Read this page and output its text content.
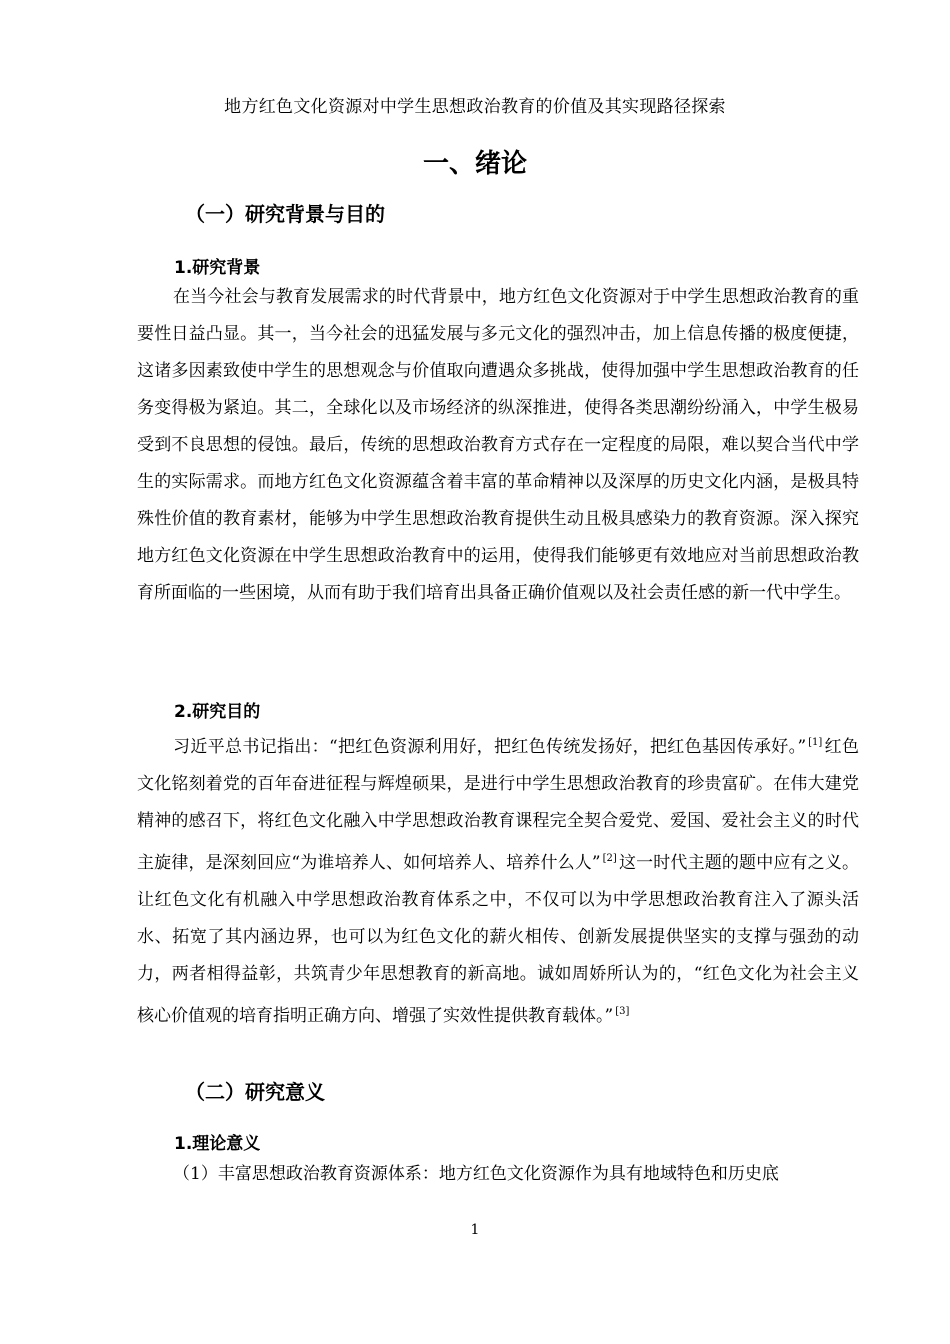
地方红色文化资源对中学生思想政治教育的价值及其实现路径探索
一、绪论
（一）研究背景与目的
1.研究背景
在当今社会与教育发展需求的时代背景中，地方红色文化资源对于中学生思想政治教育的重要性日益凸显。其一，当今社会的迅猛发展与多元文化的强烈冲击，加上信息传播的极度便捷，这诸多因素致使中学生的思想观念与价值取向遭遇众多挑战，使得加强中学生思想政治教育的任务变得极为紧迫。其二，全球化以及市场经济的纵深推进，使得各类思潮纷纷涌入，中学生极易受到不良思想的侵蚀。最后，传统的思想政治教育方式存在一定程度的局限，难以契合当代中学生的实际需求。而地方红色文化资源蕴含着丰富的革命精神以及深厚的历史文化内涵，是极具特殊性价值的教育素材，能够为中学生思想政治教育提供生动且极具感染力的教育资源。深入探究地方红色文化资源在中学生思想政治教育中的运用，使得我们能够更有效地应对当前思想政治教育所面临的一些困境，从而有助于我们培育出具备正确价值观以及社会责任感的新一代中学生。
2.研究目的
习近平总书记指出：“把红色资源利用好，把红色传统发扬好，把红色基因传承好。” [1] 红色文化铭刻着党的百年奋进征程与辉煌硕果，是进行中学生思想政治教育的珍贵富矿。在伟大建党精神的感召下，将红色文化融入中学思想政治教育课程完全契合爱党、爱国、爱社会主义的时代主旋律，是深刻回应“为谁培养人、如何培养人、培养什么人” [2] 这一时代主题的题中应有之义。让红色文化有机融入中学思想政治教育体系之中，不仅可以为中学思想政治教育注入了源头活水、拓宽了其内涵边界，也可以为红色文化的薪火相传、创新发展提供坚实的支撑与强劲的动力，两者相得益彰，共筑青少年思想教育的新高地。诚如周娇所认为的，“红色文化为社会主义核心价值观的培育指明正确方向、增强了实效性提供教育载体。” [3]
（二）研究意义
1.理论意义
（1）丰富思想政治教育资源体系：地方红色文化资源作为具有地域特色和历史底
1
